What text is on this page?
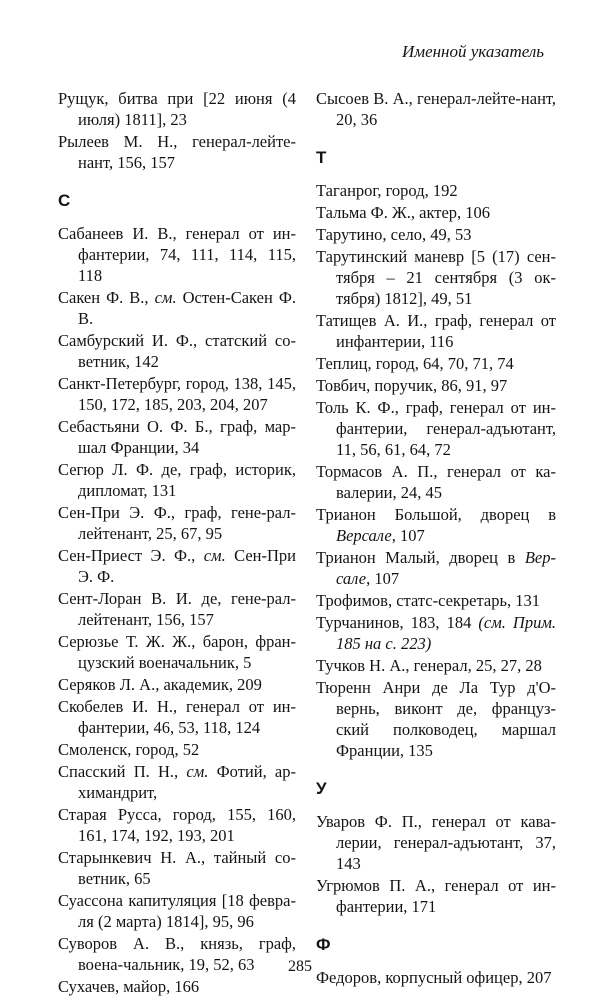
Именной указатель

Рущук, битва при [22 июня (4 июля) 1811], 23

Рылеев М. Н., генерал-лейте-нант, 156, 157

С

Сабанеев И. В., генерал от ин-фантерии, 74, 111, 114, 115, 118

Сакен Ф. В., см. Остен-Сакен Ф. В.

Самбурский И. Ф., статский со-ветник, 142

Санкт-Петербург, город, 138, 145, 150, 172, 185, 203, 204, 207

Себастьяни О. Ф. Б., граф, мар-шал Франции, 34

Сегюр Л. Ф. де, граф, историк, дипломат, 131

Сен-При Э. Ф., граф, гене-рал-лейтенант, 25, 67, 95

Сен-Приест Э. Ф., см. Сен-При Э. Ф.

Сент-Лоран В. И. де, гене-рал-лейтенант, 156, 157

Серюзье Т. Ж. Ж., барон, фран-цузский военачальник, 5

Серяков Л. А., академик, 209

Скобелев И. Н., генерал от ин-фантерии, 46, 53, 118, 124

Смоленск, город, 52

Спасский П. Н., см. Фотий, ар-химандрит,

Старая Русса, город, 155, 160, 161, 174, 192, 193, 201

Старынкевич Н. А., тайный со-ветник, 65

Суассона капитуляция [18 февра-ля (2 марта) 1814], 95, 96

Суворов А. В., князь, граф, воена-чальник, 19, 52, 63

Сухачев, майор, 166

Сысоев В. А., генерал-лейте-нант, 20, 36

Т

Таганрог, город, 192

Тальма Ф. Ж., актер, 106

Тарутино, село, 49, 53

Тарутинский маневр [5 (17) сен-тября – 21 сентября (3 ок-тября) 1812], 49, 51

Татищев А. И., граф, генерал от инфантерии, 116

Теплиц, город, 64, 70, 71, 74

Товбич, поручик, 86, 91, 97

Толь К. Ф., граф, генерал от ин-фантерии, генерал-адъютант, 11, 56, 61, 64, 72

Тормасов А. П., генерал от ка-валерии, 24, 45

Трианон Большой, дворец в Версале, 107

Трианон Малый, дворец в Вер-сале, 107

Трофимов, статс-секретарь, 131

Турчанинов, 183, 184 (см. Прим. 185 на с. 223)

Тучков Н. А., генерал, 25, 27, 28

Тюренн Анри де Ла Тур д'О-вернь, виконт де, француз-ский полководец, маршал Франции, 135

У

Уваров Ф. П., генерал от кава-лерии, генерал-адъютант, 37, 143

Угрюмов П. А., генерал от ин-фантерии, 171

Ф

Федоров, корпусный офицер, 207

285
